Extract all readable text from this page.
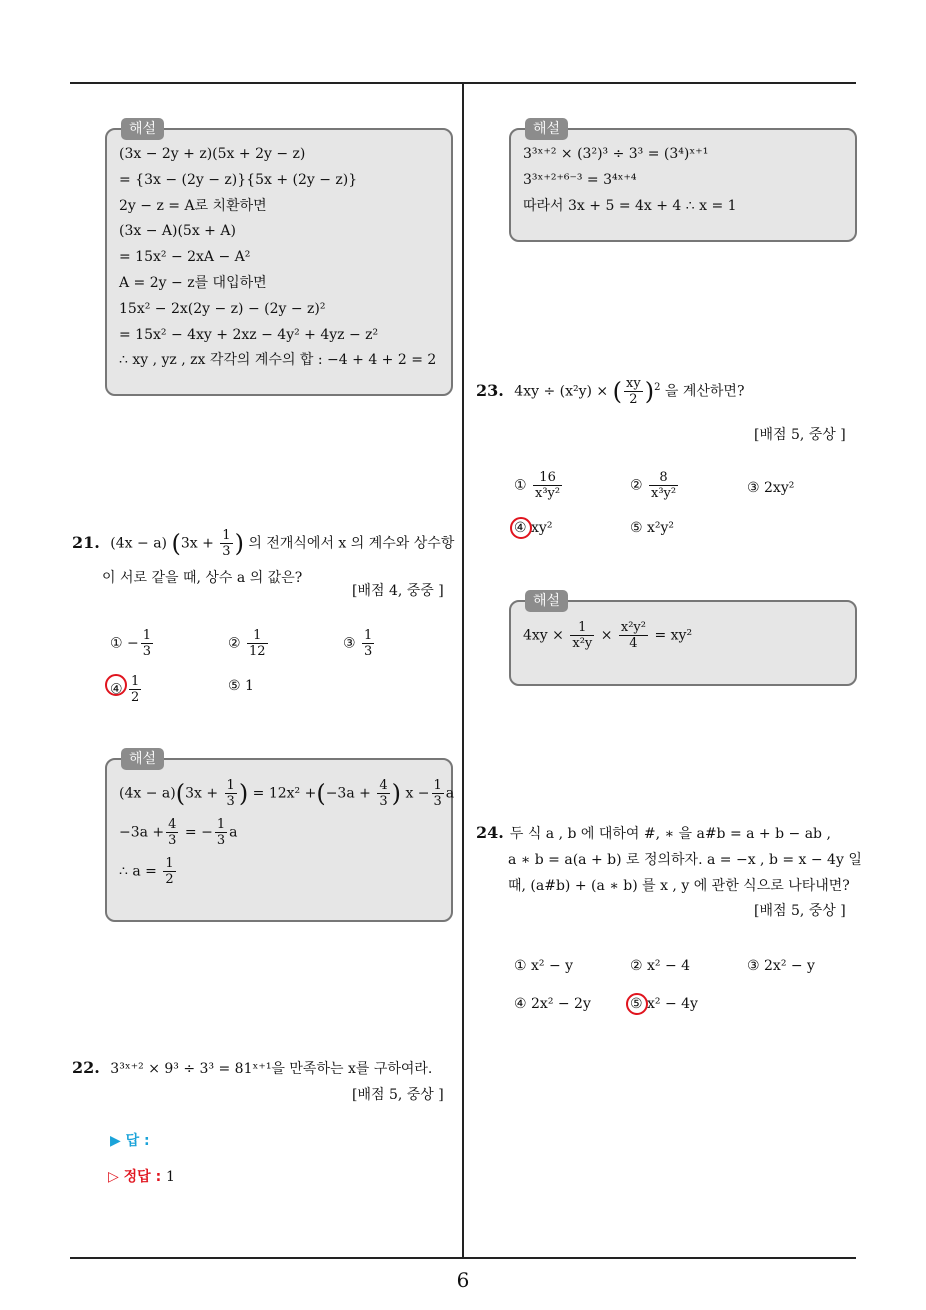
해설
(3x − 2y + z)(5x + 2y − z)
= {3x − (2y − z)}{5x + (2y − z)}
2y − z = A로 치환하면
(3x − A)(5x + A)
= 15x² − 2xA − A²
A = 2y − z를 대입하면
15x² − 2x(2y − z) − (2y − z)²
= 15x² − 4xy + 2xz − 4y² + 4yz − z²
∴ xy , yz , zx 각각의 계수의 합 : −4 + 4 + 2 = 2
21. (4x − a) ($3x + \frac{1}{3}$ ) 의 전개식에서 x 의 계수와 상수항
이 서로 같을 때, 상수 a 의 값은?
[배점 4, 중중 ]
① − $\frac{1}{3}$	② $\frac{1}{12}$	③ $\frac{1}{3}$
④ $\frac{1}{2}$	⑤ 1
해설
$(4x - a)(3x + \frac{1}{3}$ ) = $12x^2 +(-3a + \frac{4}{3}$ ) $x - \frac{1}{3}$ a
$-3a + \frac{4}{3}$ = − $\frac{1}{3}$ a
∴ $a = \frac{1}{2}$
22. 3³ˣ⁺² × 9³ ÷ 3³ = 81ˣ⁺¹을 만족하는 x를 구하여라.
[배점 5, 중상 ]
▶ 답 :
▷ 정답 : 1
해설
3³ˣ⁺² × (3²)³ ÷ 3³ = (3⁴)ˣ⁺¹
3³ˣ⁺²⁺⁶⁻³ = 3⁴ˣ⁺⁴
따라서 3x + 5 = 4x + 4 ∴ x = 1
23. 4xy ÷ (x²y) × ( $\frac{xy}{2} )^2$ 을 계산하면?
[배점 5, 중상 ]
① $\frac{16}{\text{x³y²}}$	② $\frac{8}{\text{x³y²}}$	③ 2xy²
④ xy²	⑤ x²y²
해설
$4xy \times \frac{1}{\text{x²y}} \times \frac{\text{x²y²}}{4} = xy^2$
24. 두 식 a , b 에 대하여 #, ∗ 을 a#b = a + b − ab ,
a ∗ b = a(a + b) 로 정의하자. a = −x , b = x − 4y 일
때, (a#b) + (a ∗ b) 를 x , y 에 관한 식으로 나타내면?
[배점 5, 중상 ]
① x² − y	② x² − 4	③ 2x² − y
④ 2x² − 2y	⑤ x² − 4y
6
